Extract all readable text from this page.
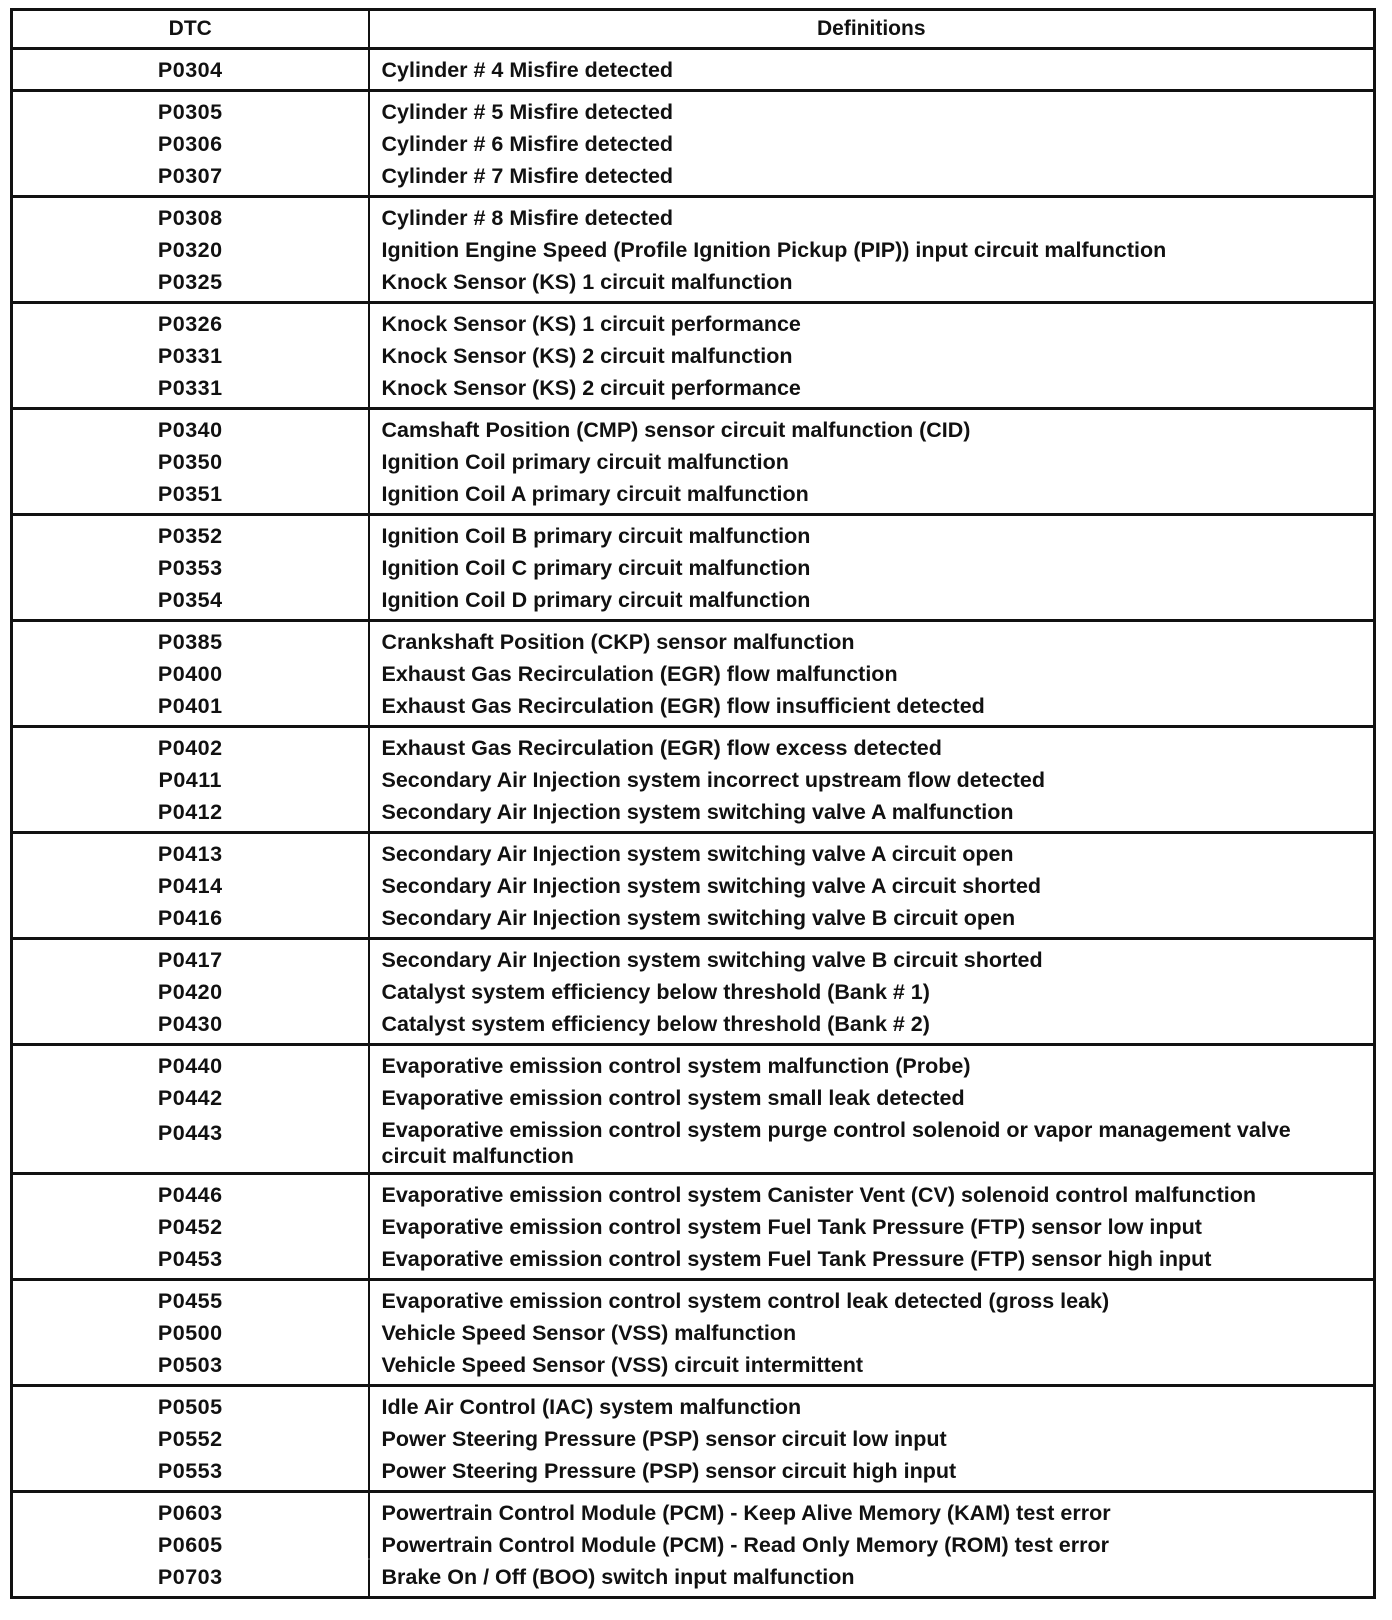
DTC	Definitions
P0304	Cylinder # 4 Misfire detected
P0305	Cylinder # 5 Misfire detected
P0306	Cylinder # 6 Misfire detected
P0307	Cylinder # 7 Misfire detected
P0308	Cylinder # 8 Misfire detected
P0320	Ignition Engine Speed (Profile Ignition Pickup (PIP)) input circuit malfunction
P0325	Knock Sensor (KS) 1 circuit malfunction
P0326	Knock Sensor (KS) 1 circuit performance
P0331	Knock Sensor (KS) 2 circuit malfunction
P0331	Knock Sensor (KS) 2 circuit performance
P0340	Camshaft Position (CMP) sensor circuit malfunction (CID)
P0350	Ignition Coil primary circuit malfunction
P0351	Ignition Coil A primary circuit malfunction
P0352	Ignition Coil B primary circuit malfunction
P0353	Ignition Coil C primary circuit malfunction
P0354	Ignition Coil D primary circuit malfunction
P0385	Crankshaft Position (CKP) sensor malfunction
P0400	Exhaust Gas Recirculation (EGR) flow malfunction
P0401	Exhaust Gas Recirculation (EGR) flow insufficient detected
P0402	Exhaust Gas Recirculation (EGR) flow excess detected
P0411	Secondary Air Injection system incorrect upstream flow detected
P0412	Secondary Air Injection system switching valve A malfunction
P0413	Secondary Air Injection system switching valve A circuit open
P0414	Secondary Air Injection system switching valve A circuit shorted
P0416	Secondary Air Injection system switching valve B circuit open
P0417	Secondary Air Injection system switching valve B circuit shorted
P0420	Catalyst system efficiency below threshold (Bank # 1)
P0430	Catalyst system efficiency below threshold (Bank # 2)
P0440	Evaporative emission control system malfunction (Probe)
P0442	Evaporative emission control system small leak detected
P0443	Evaporative emission control system purge control solenoid or vapor management valve circuit malfunction
P0446	Evaporative emission control system Canister Vent (CV) solenoid control malfunction
P0452	Evaporative emission control system Fuel Tank Pressure (FTP) sensor low input
P0453	Evaporative emission control system Fuel Tank Pressure (FTP) sensor high input
P0455	Evaporative emission control system control leak detected (gross leak)
P0500	Vehicle Speed Sensor (VSS) malfunction
P0503	Vehicle Speed Sensor (VSS) circuit intermittent
P0505	Idle Air Control (IAC) system malfunction
P0552	Power Steering Pressure (PSP) sensor circuit low input
P0553	Power Steering Pressure (PSP) sensor circuit high input
P0603	Powertrain Control Module (PCM) - Keep Alive Memory (KAM) test error
P0605	Powertrain Control Module (PCM) - Read Only Memory (ROM) test error
P0703	Brake On / Off (BOO) switch input malfunction
